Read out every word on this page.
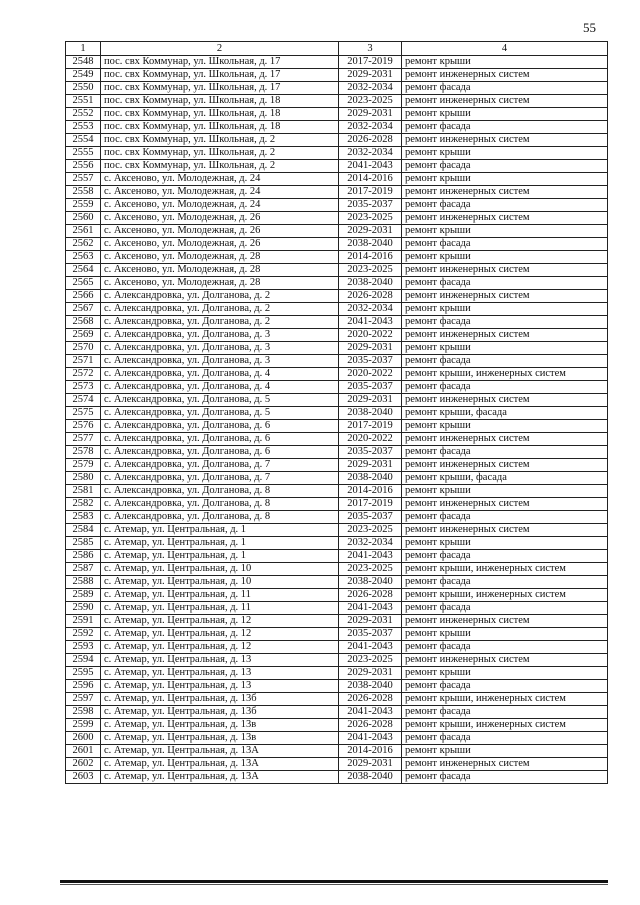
55
1	2	3	4
2548	пос. свх Коммунар, ул. Школьная, д. 17	2017-2019	ремонт крыши
2549	пос. свх Коммунар, ул. Школьная, д. 17	2029-2031	ремонт инженерных систем
2550	пос. свх Коммунар, ул. Школьная, д. 17	2032-2034	ремонт фасада
2551	пос. свх Коммунар, ул. Школьная, д. 18	2023-2025	ремонт инженерных систем
2552	пос. свх Коммунар, ул. Школьная, д. 18	2029-2031	ремонт крыши
2553	пос. свх Коммунар, ул. Школьная, д. 18	2032-2034	ремонт фасада
2554	пос. свх Коммунар, ул. Школьная, д. 2	2026-2028	ремонт инженерных систем
2555	пос. свх Коммунар, ул. Школьная, д. 2	2032-2034	ремонт крыши
2556	пос. свх Коммунар, ул. Школьная, д. 2	2041-2043	ремонт фасада
2557	с. Аксеново, ул. Молодежная, д. 24	2014-2016	ремонт крыши
2558	с. Аксеново, ул. Молодежная, д. 24	2017-2019	ремонт инженерных систем
2559	с. Аксеново, ул. Молодежная, д. 24	2035-2037	ремонт фасада
2560	с. Аксеново, ул. Молодежная, д. 26	2023-2025	ремонт инженерных систем
2561	с. Аксеново, ул. Молодежная, д. 26	2029-2031	ремонт крыши
2562	с. Аксеново, ул. Молодежная, д. 26	2038-2040	ремонт фасада
2563	с. Аксеново, ул. Молодежная, д. 28	2014-2016	ремонт крыши
2564	с. Аксеново, ул. Молодежная, д. 28	2023-2025	ремонт инженерных систем
2565	с. Аксеново, ул. Молодежная, д. 28	2038-2040	ремонт фасада
2566	с. Александровка, ул. Долганова, д. 2	2026-2028	ремонт инженерных систем
2567	с. Александровка, ул. Долганова, д. 2	2032-2034	ремонт крыши
2568	с. Александровка, ул. Долганова, д. 2	2041-2043	ремонт фасада
2569	с. Александровка, ул. Долганова, д. 3	2020-2022	ремонт инженерных систем
2570	с. Александровка, ул. Долганова, д. 3	2029-2031	ремонт крыши
2571	с. Александровка, ул. Долганова, д. 3	2035-2037	ремонт фасада
2572	с. Александровка, ул. Долганова, д. 4	2020-2022	ремонт крыши, инженерных систем
2573	с. Александровка, ул. Долганова, д. 4	2035-2037	ремонт фасада
2574	с. Александровка, ул. Долганова, д. 5	2029-2031	ремонт инженерных систем
2575	с. Александровка, ул. Долганова, д. 5	2038-2040	ремонт крыши, фасада
2576	с. Александровка, ул. Долганова, д. 6	2017-2019	ремонт крыши
2577	с. Александровка, ул. Долганова, д. 6	2020-2022	ремонт инженерных систем
2578	с. Александровка, ул. Долганова, д. 6	2035-2037	ремонт фасада
2579	с. Александровка, ул. Долганова, д. 7	2029-2031	ремонт инженерных систем
2580	с. Александровка, ул. Долганова, д. 7	2038-2040	ремонт крыши, фасада
2581	с. Александровка, ул. Долганова, д. 8	2014-2016	ремонт крыши
2582	с. Александровка, ул. Долганова, д. 8	2017-2019	ремонт инженерных систем
2583	с. Александровка, ул. Долганова, д. 8	2035-2037	ремонт фасада
2584	с. Атемар, ул. Центральная, д. 1	2023-2025	ремонт инженерных систем
2585	с. Атемар, ул. Центральная, д. 1	2032-2034	ремонт крыши
2586	с. Атемар, ул. Центральная, д. 1	2041-2043	ремонт фасада
2587	с. Атемар, ул. Центральная, д. 10	2023-2025	ремонт крыши, инженерных систем
2588	с. Атемар, ул. Центральная, д. 10	2038-2040	ремонт фасада
2589	с. Атемар, ул. Центральная, д. 11	2026-2028	ремонт крыши, инженерных систем
2590	с. Атемар, ул. Центральная, д. 11	2041-2043	ремонт фасада
2591	с. Атемар, ул. Центральная, д. 12	2029-2031	ремонт инженерных систем
2592	с. Атемар, ул. Центральная, д. 12	2035-2037	ремонт крыши
2593	с. Атемар, ул. Центральная, д. 12	2041-2043	ремонт фасада
2594	с. Атемар, ул. Центральная, д. 13	2023-2025	ремонт инженерных систем
2595	с. Атемар, ул. Центральная, д. 13	2029-2031	ремонт крыши
2596	с. Атемар, ул. Центральная, д. 13	2038-2040	ремонт фасада
2597	с. Атемар, ул. Центральная, д. 13б	2026-2028	ремонт крыши, инженерных систем
2598	с. Атемар, ул. Центральная, д. 13б	2041-2043	ремонт фасада
2599	с. Атемар, ул. Центральная, д. 13в	2026-2028	ремонт крыши, инженерных систем
2600	с. Атемар, ул. Центральная, д. 13в	2041-2043	ремонт фасада
2601	с. Атемар, ул. Центральная, д. 13А	2014-2016	ремонт крыши
2602	с. Атемар, ул. Центральная, д. 13А	2029-2031	ремонт инженерных систем
2603	с. Атемар, ул. Центральная, д. 13А	2038-2040	ремонт фасада
